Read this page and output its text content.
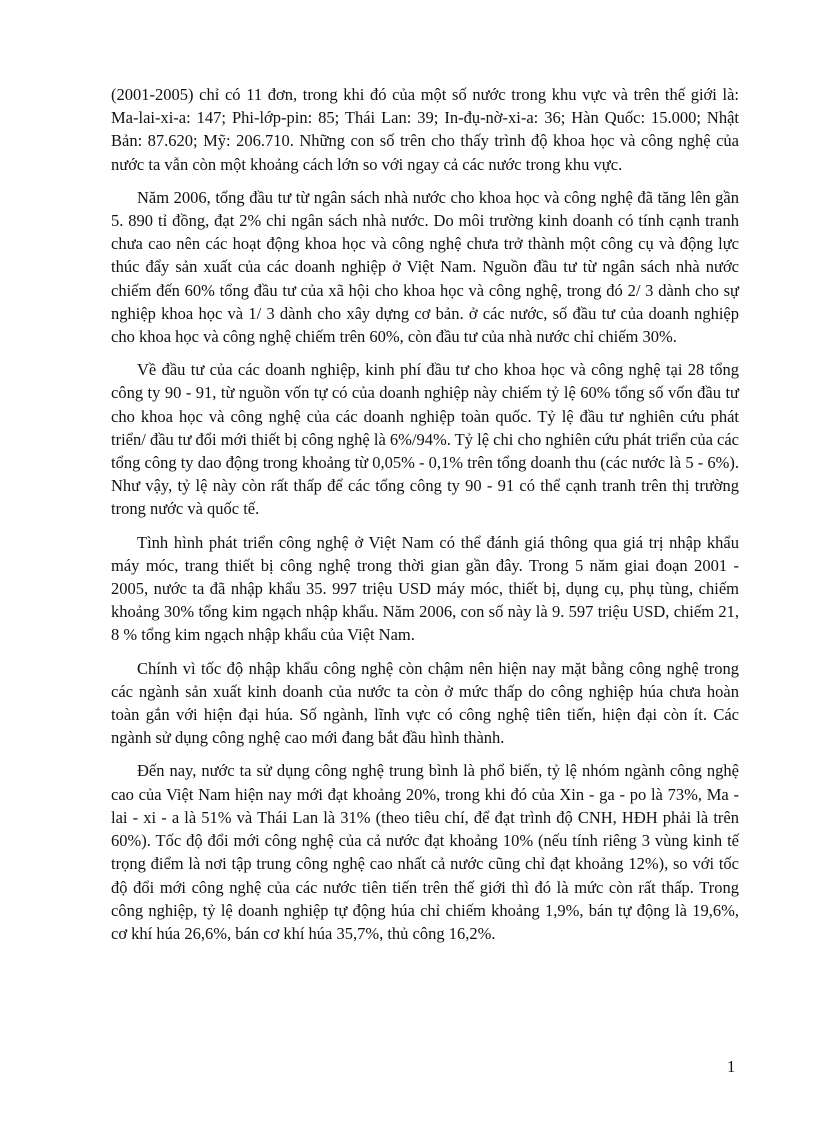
(2001-2005) chỉ có 11 đơn, trong khi đó của một số nước trong khu vực và trên thế giới là: Ma-lai-xi-a: 147; Phi-lớp-pin: 85; Thái Lan: 39; In-đụ-nờ-xi-a: 36; Hàn Quốc: 15.000; Nhật Bản: 87.620; Mỹ: 206.710. Những con số trên cho thấy trình độ khoa học và công nghệ của nước ta vẫn còn một khoảng cách lớn so với ngay cả các nước trong khu vực.

Năm 2006, tổng đầu tư từ ngân sách nhà nước cho khoa học và công nghệ đã tăng lên gần 5. 890 tỉ đồng, đạt 2% chi ngân sách nhà nước. Do môi trường kinh doanh có tính cạnh tranh chưa cao nên các hoạt động khoa học và công nghệ chưa trở thành một công cụ và động lực thúc đẩy sản xuất của các doanh nghiệp ở Việt Nam. Nguồn đầu tư từ ngân sách nhà nước chiếm đến 60% tổng đầu tư của xã hội cho khoa học và công nghệ, trong đó 2/ 3 dành cho sự nghiệp khoa học và 1/ 3 dành cho xây dựng cơ bản. ở các nước, số đầu tư của doanh nghiệp cho khoa học và công nghệ chiếm trên 60%, còn đầu tư của nhà nước chỉ chiếm 30%.

Về đầu tư của các doanh nghiệp, kinh phí đầu tư cho khoa học và công nghệ tại 28 tổng công ty 90 - 91, từ nguồn vốn tự có của doanh nghiệp này chiếm tỷ lệ 60% tổng số vốn đầu tư cho khoa học và công nghệ của các doanh nghiệp toàn quốc. Tỷ lệ đầu tư nghiên cứu phát triển/ đầu tư đổi mới thiết bị công nghệ là 6%/94%. Tỷ lệ chi cho nghiên cứu phát triển của các tổng công ty dao động trong khoảng từ 0,05% - 0,1% trên tổng doanh thu (các nước là 5 - 6%). Như vậy, tỷ lệ này còn rất thấp để các tổng công ty 90 - 91 có thể cạnh tranh trên thị trường trong nước và quốc tế.

Tình hình phát triển công nghệ ở Việt Nam có thể đánh giá thông qua giá trị nhập khẩu máy móc, trang thiết bị công nghệ trong thời gian gần đây. Trong 5 năm giai đoạn 2001 - 2005, nước ta đã nhập khẩu 35. 997 triệu USD máy móc, thiết bị, dụng cụ, phụ tùng, chiếm khoảng 30% tổng kim ngạch nhập khẩu. Năm 2006, con số này là 9. 597 triệu USD, chiếm 21, 8 % tổng kim ngạch nhập khẩu của Việt Nam.

Chính vì tốc độ nhập khẩu công nghệ còn chậm nên hiện nay mặt bằng công nghệ trong các ngành sản xuất kinh doanh của nước ta còn ở mức thấp do công nghiệp húa chưa hoàn toàn gắn với hiện đại húa. Số ngành, lĩnh vực có công nghệ tiên tiến, hiện đại còn ít. Các ngành sử dụng công nghệ cao mới đang bắt đầu hình thành.

Đến nay, nước ta sử dụng công nghệ trung bình là phổ biến, tỷ lệ nhóm ngành công nghệ cao của Việt Nam hiện nay mới đạt khoảng 20%, trong khi đó của Xin - ga - po là 73%, Ma - lai - xi - a là 51% và Thái Lan là 31% (theo tiêu chí, để đạt trình độ CNH, HĐH phải là trên 60%). Tốc độ đổi mới công nghệ của cả nước đạt khoảng 10% (nếu tính riêng 3 vùng kinh tế trọng điểm là nơi tập trung công nghệ cao nhất cả nước cũng chỉ đạt khoảng 12%), so với tốc độ đổi mới công nghệ của các nước tiên tiến trên thế giới thì đó là mức còn rất thấp. Trong công nghiệp, tỷ lệ doanh nghiệp tự động húa chỉ chiếm khoảng 1,9%, bán tự động là 19,6%, cơ khí húa 26,6%, bán cơ khí húa 35,7%, thủ công 16,2%.

1
